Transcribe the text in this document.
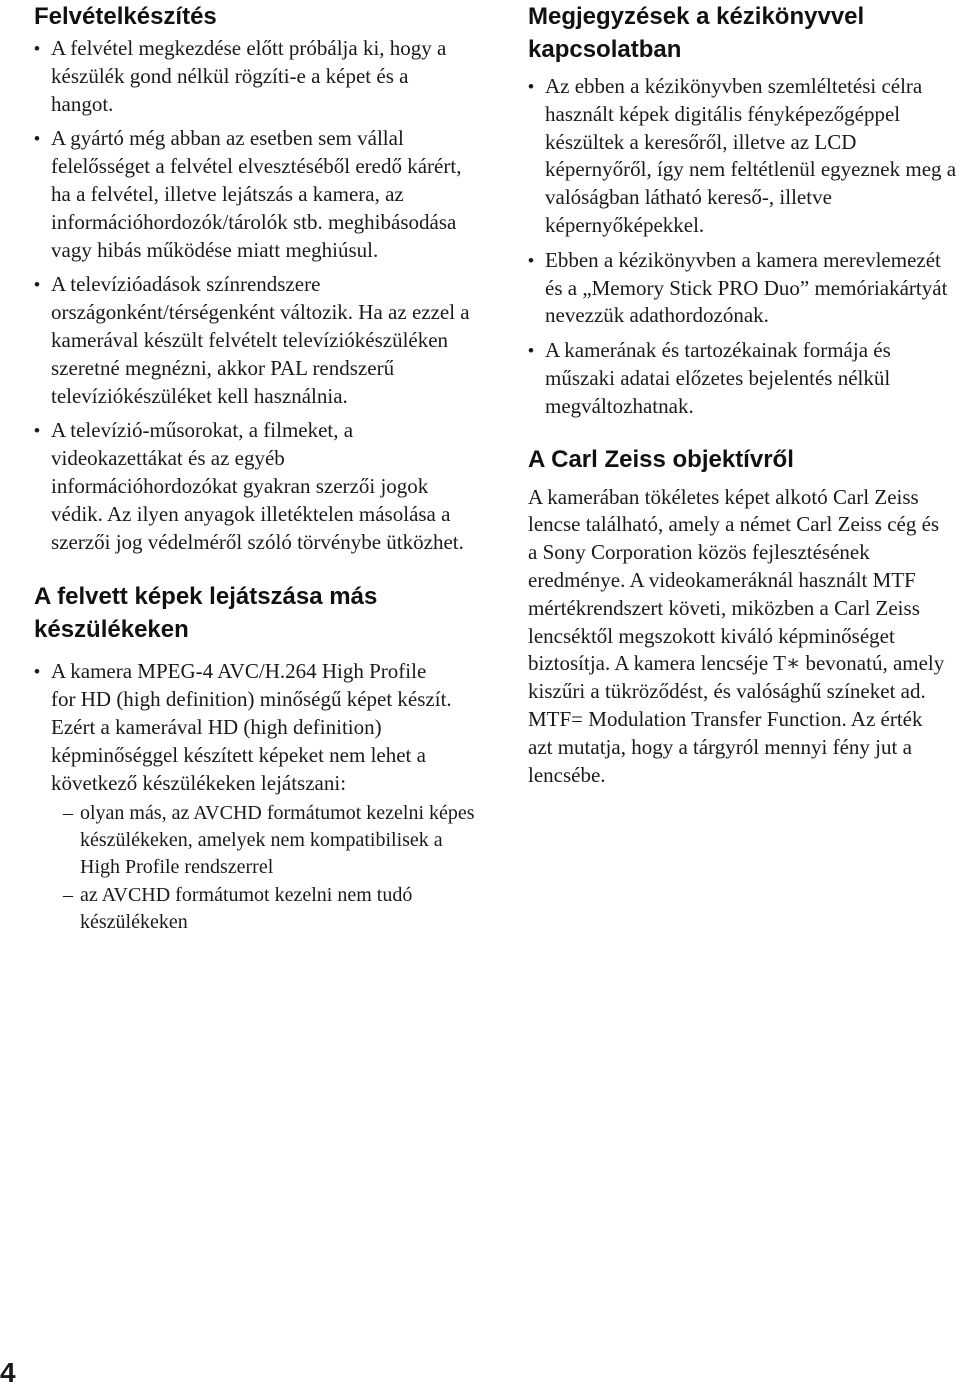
Felvételkészítés
• A felvétel megkezdése előtt próbálja ki, hogy a készülék gond nélkül rögzíti-e a képet és a hangot.
• A gyártó még abban az esetben sem vállal felelősséget a felvétel elvesztéséből eredő kárért, ha a felvétel, illetve lejátszás a kamera, az információhordozók/tárolók stb. meghibásodása vagy hibás működése miatt meghiúsul.
• A televízióadások színrendszere országonként/térségenként változik. Ha az ezzel a kamerával készült felvételt televíziókészüléken szeretné megnézni, akkor PAL rendszerű televíziókészüléket kell használnia.
• A televízió-műsorokat, a filmeket, a videokazettákat és az egyéb információhordozókat gyakran szerzői jogok védik. Az ilyen anyagok illetéktelen másolása a szerzői jog védelméről szóló törvénybe ütközhet.
A felvett képek lejátszása más készülékeken
• A kamera MPEG-4 AVC/H.264 High Profile for HD (high definition) minőségű képet készít. Ezért a kamerával HD (high definition) képminőséggel készített képeket nem lehet a következő készülékeken lejátszani:
– olyan más, az AVCHD formátumot kezelni képes készülékeken, amelyek nem kompatibilisek a High Profile rendszerrel
– az AVCHD formátumot kezelni nem tudó készülékeken
Megjegyzések a kézikönyvvel kapcsolatban
• Az ebben a kézikönyvben szemléltetési célra használt képek digitális fényképezőgéppel készültek a keresőről, illetve az LCD képernyőről, így nem feltétlenül egyeznek meg a valóságban látható kereső-, illetve képernyőképekkel.
• Ebben a kézikönyvben a kamera merevlemezét és a „Memory Stick PRO Duo” memóriakártyát nevezzük adathordozónak.
• A kamerának és tartozékainak formája és műszaki adatai előzetes bejelentés nélkül megváltozhatnak.
A Carl Zeiss objektívről

A kamerában tökéletes képet alkotó Carl Zeiss lencse található, amely a német Carl Zeiss cég és a Sony Corporation közös fejlesztésének eredménye. A videokameráknál használt MTF mértékrendszert követi, miközben a Carl Zeiss lencséktől megszokott kiváló képminőséget biztosítja. A kamera lencséje T∗ bevonatú, amely kiszűri a tükröződést, és valósághű színeket ad.

MTF= Modulation Transfer Function. Az érték azt mutatja, hogy a tárgyról mennyi fény jut a lencsébe.

4
